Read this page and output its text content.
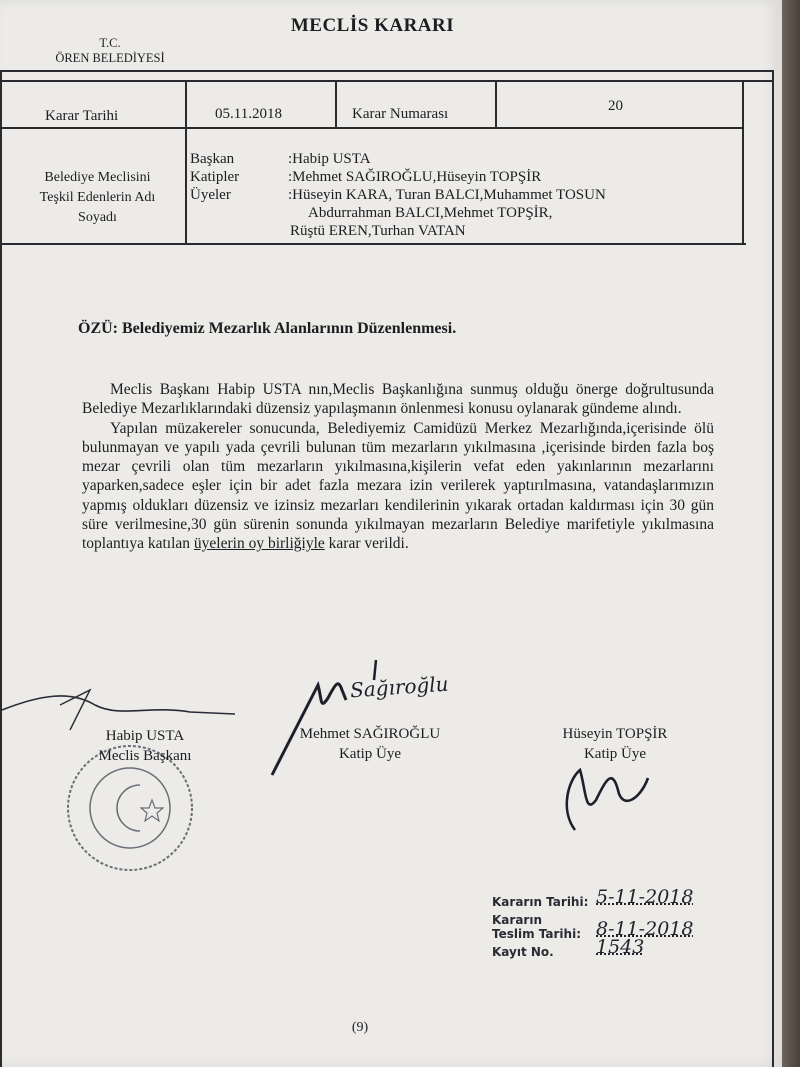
MECLİS KARARI
T.C.
ÖREN BELEDİYESİ
Karar Tarihi	05.11.2018	Karar Numarası	20
Belediye Meclisini
Teşkil Edenlerin Adı
Soyadı
Başkan	:Habip USTA
Katipler	:Mehmet SAĞIROĞLU,Hüseyin TOPŞİR
Üyeler	:Hüseyin KARA, Turan BALCI,Muhammet TOSUN
Abdurrahman BALCI,Mehmet TOPŞİR,
Rüştü EREN,Turhan VATAN
ÖZÜ: Belediyemiz Mezarlık Alanlarının Düzenlenmesi.

Meclis Başkanı Habip USTA nın,Meclis Başkanlığına sunmuş olduğu önerge doğrultusunda Belediye Mezarlıklarındaki düzensiz yapılaşmanın önlenmesi konusu oylanarak gündeme alındı.

Yapılan müzakereler sonucunda, Belediyemiz Camidüzü Merkez Mezarlığında,içerisinde ölü bulunmayan ve yapılı yada çevrili bulunan tüm mezarların yıkılmasına ,içerisinde birden fazla boş mezar çevrili olan tüm mezarların yıkılmasına,kişilerin vefat eden yakınlarının mezarlarını yaparken,sadece eşler için bir adet fazla mezara izin verilerek yaptırılmasına, vatandaşlarımızın yapmış oldukları düzensiz ve izinsiz mezarları kendilerinin yıkarak ortadan kaldırması için 30 gün süre verilmesine,30 gün sürenin sonunda yıkılmayan mezarların Belediye marifetiyle yıkılmasına toplantıya katılan üyelerin oy birliğiyle karar verildi.

Sağıroğlu
Habip USTA
Meclis Başkanı
Mehmet SAĞIROĞLU
Katip Üye
Hüseyin TOPŞİR
Katip Üye
Kararın Tarihi: 5-11-2018
Kararın
Teslim Tarihi: 8-11-2018
Kayıt No. 1543
(9)
